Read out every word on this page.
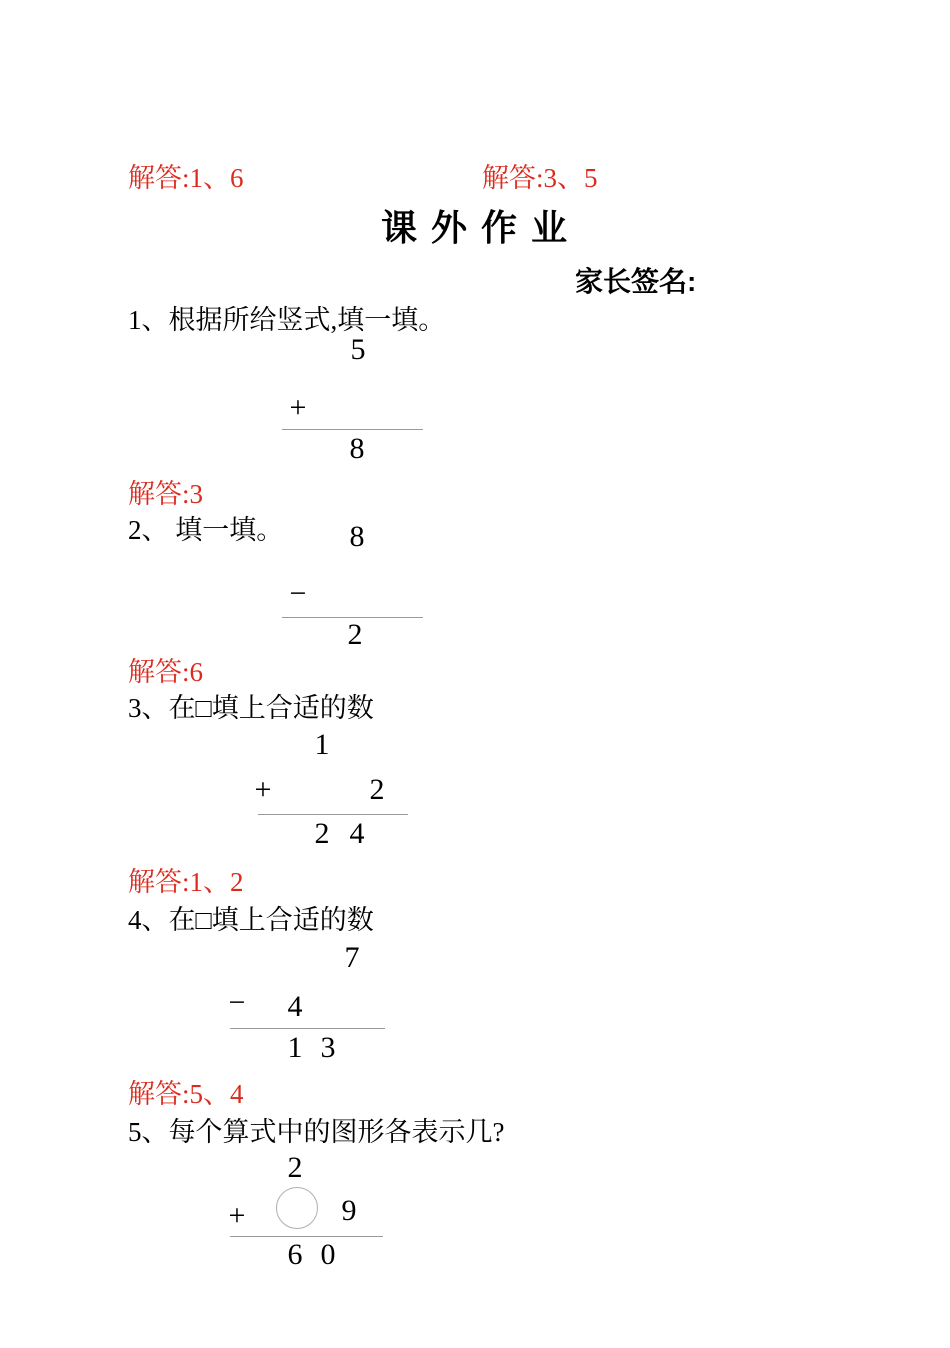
解答:1、6	解答:3、5
课 外 作 业
家长签名:
1、根据所给竖式,填一填。
5
+
8
解答:3
2、 填一填。	8
−
2
解答:6
3、在□填上合适的数
1
+	2
2 4
解答:1、2
4、在□填上合适的数
7
−	4
1 3
解答:5、4
5、每个算式中的图形各表示几?
2
+	9
6 0
